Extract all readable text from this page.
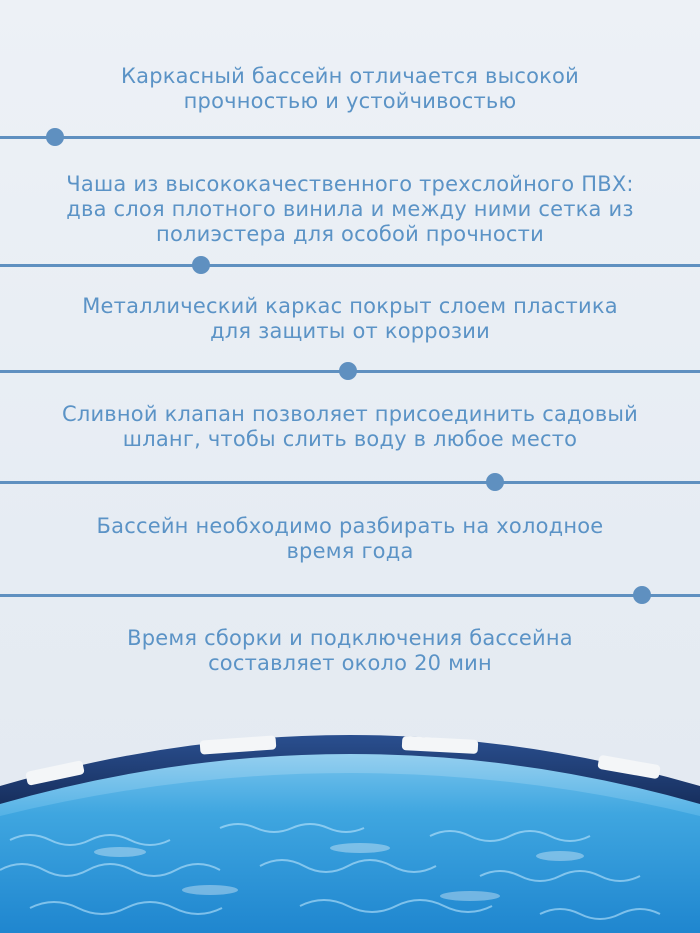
Каркасный бассейн отличается высокой
прочностью и устойчивостью
Чаша из высококачественного трехслойного ПВХ:
два слоя плотного винила и между ними сетка из
полиэстера для особой прочности
Металлический каркас покрыт слоем пластика
для защиты от коррозии
Сливной клапан позволяет присоединить садовый
шланг, чтобы слить воду в любое место
Бассейн необходимо разбирать на холодное
время года
Время сборки и подключения бассейна
составляет около 20 мин
